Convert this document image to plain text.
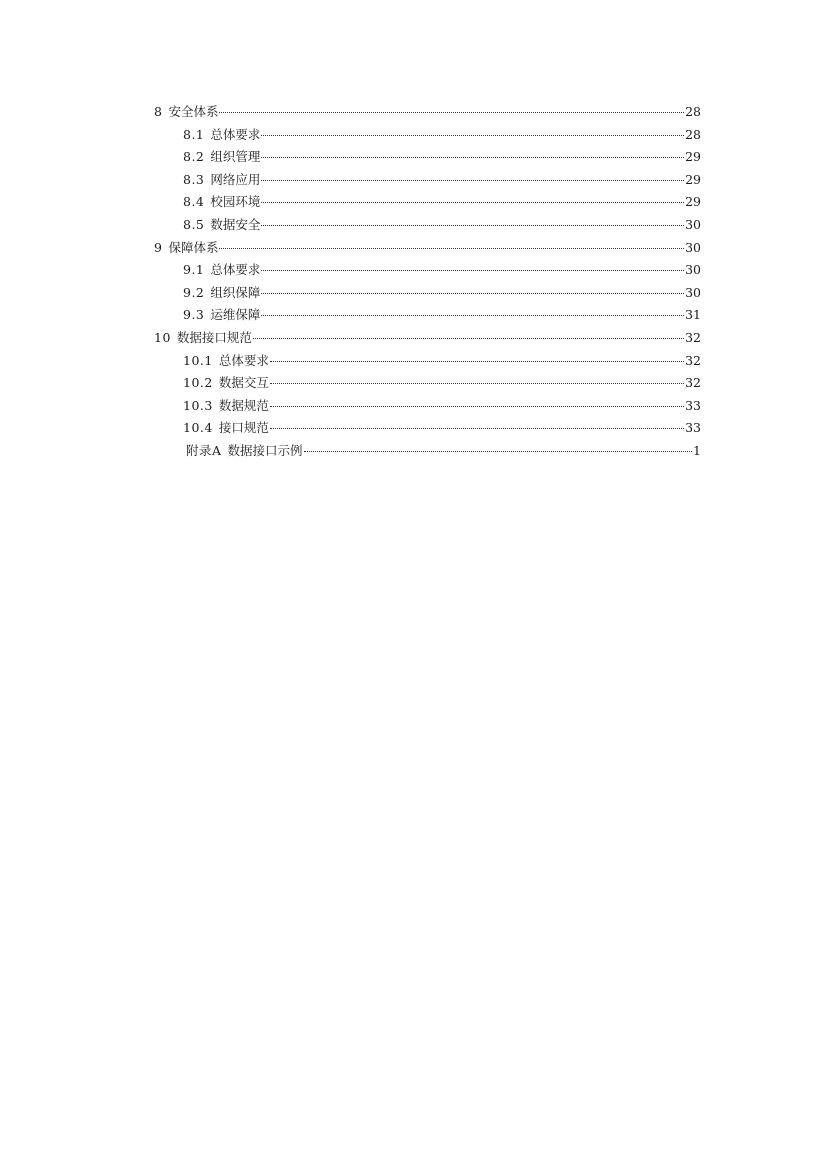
8 安全体系	28
8.1 总体要求	28
8.2 组织管理	29
8.3 网络应用	29
8.4 校园环境	29
8.5 数据安全	30
9 保障体系	30
9.1 总体要求	30
9.2 组织保障	30
9.3 运维保障	31
10 数据接口规范	32
10.1 总体要求	32
10.2 数据交互	32
10.3 数据规范	33
10.4 接口规范	33
附录A 数据接口示例	1
